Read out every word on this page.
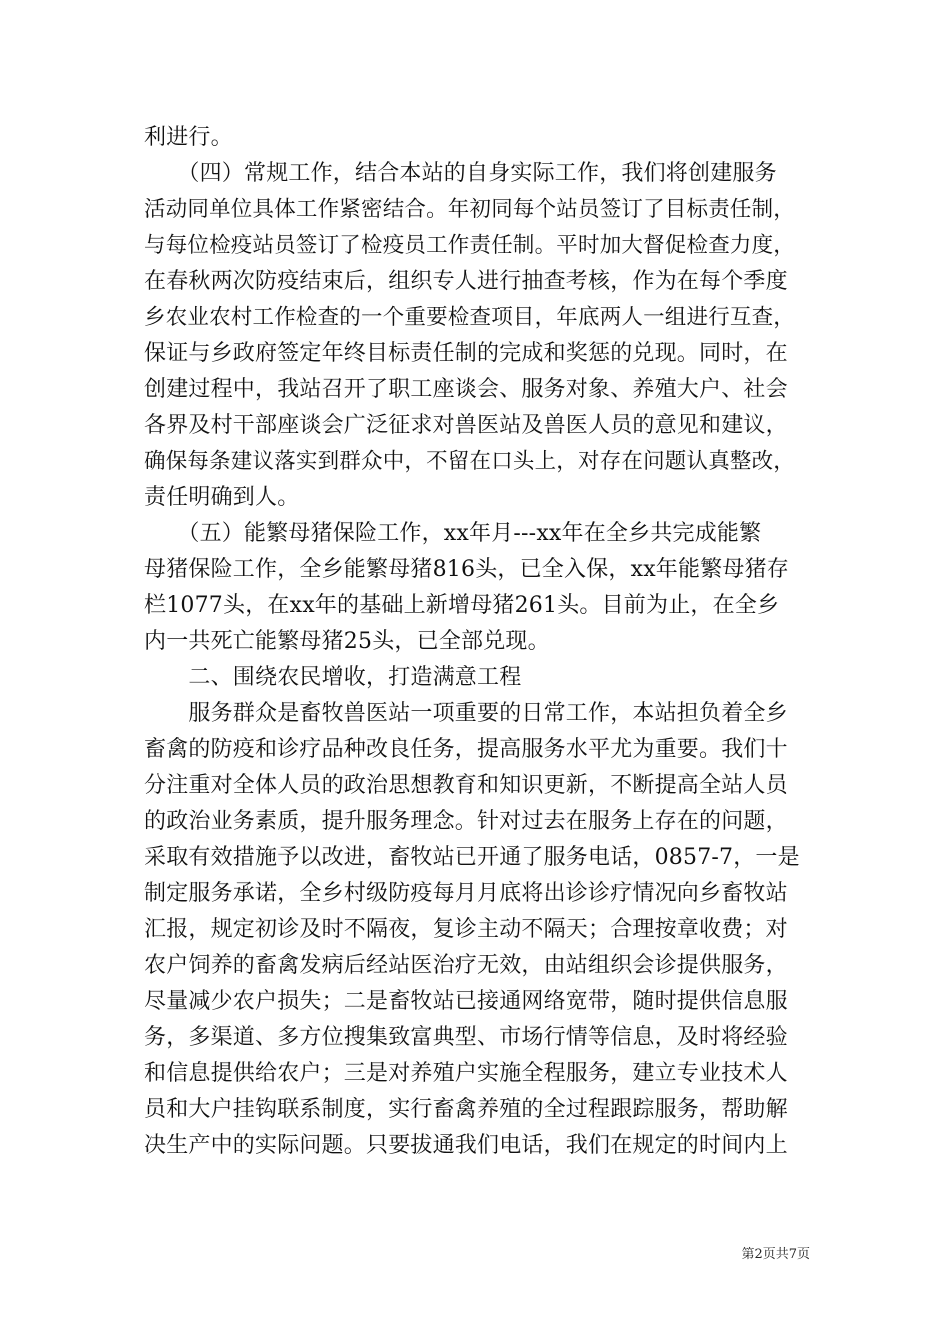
利进行。
　　（四）常规工作，结合本站的自身实际工作，我们将创建服务
活动同单位具体工作紧密结合。年初同每个站员签订了目标责任制，
与每位检疫站员签订了检疫员工作责任制。平时加大督促检查力度，
在春秋两次防疫结束后，组织专人进行抽查考核，作为在每个季度
乡农业农村工作检查的一个重要检查项目，年底两人一组进行互查，
保证与乡政府签定年终目标责任制的完成和奖惩的兑现。同时，在
创建过程中，我站召开了职工座谈会、服务对象、养殖大户、社会
各界及村干部座谈会广泛征求对兽医站及兽医人员的意见和建议，
确保每条建议落实到群众中，不留在口头上，对存在问题认真整改，
责任明确到人。
　　（五）能繁母猪保险工作，xx年月---xx年在全乡共完成能繁
母猪保险工作，全乡能繁母猪816头，已全入保，xx年能繁母猪存
栏1077头，在xx年的基础上新增母猪261头。目前为止，在全乡
内一共死亡能繁母猪25头，已全部兑现。
　　二、围绕农民增收，打造满意工程
　　服务群众是畜牧兽医站一项重要的日常工作，本站担负着全乡
畜禽的防疫和诊疗品种改良任务，提高服务水平尤为重要。我们十
分注重对全体人员的政治思想教育和知识更新，不断提高全站人员
的政治业务素质，提升服务理念。针对过去在服务上存在的问题，
采取有效措施予以改进，畜牧站已开通了服务电话，0857-7，一是
制定服务承诺，全乡村级防疫每月月底将出诊诊疗情况向乡畜牧站
汇报，规定初诊及时不隔夜，复诊主动不隔天；合理按章收费；对
农户饲养的畜禽发病后经站医治疗无效，由站组织会诊提供服务，
尽量减少农户损失；二是畜牧站已接通网络宽带，随时提供信息服
务，多渠道、多方位搜集致富典型、市场行情等信息，及时将经验
和信息提供给农户；三是对养殖户实施全程服务，建立专业技术人
员和大户挂钩联系制度，实行畜禽养殖的全过程跟踪服务，帮助解
决生产中的实际问题。只要拔通我们电话，我们在规定的时间内上
第2页共7页
